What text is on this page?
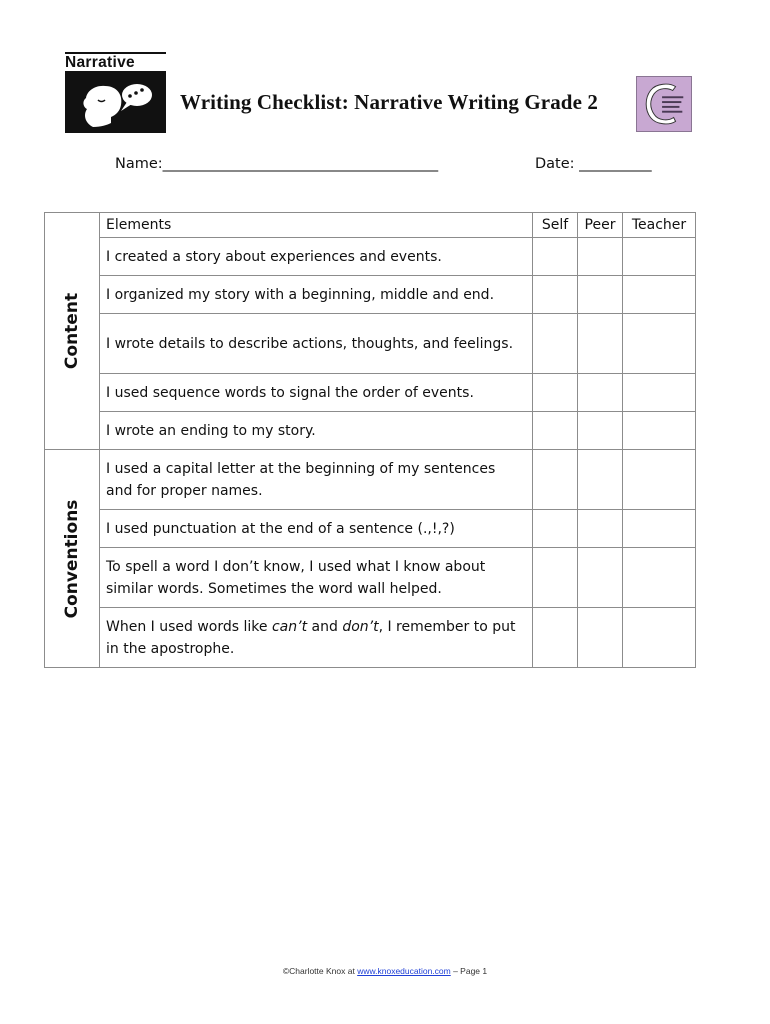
Narrative
Writing Checklist: Narrative Writing Grade 2
Name:______________________________________	Date: __________
Content	Elements	Self	Peer	Teacher
	I created a story about experiences and events.			
	I organized my story with a beginning, middle and end.			
	I wrote details to describe actions, thoughts, and feelings.			
	I used sequence words to signal the order of events.			
	I wrote an ending to my story.			

Conventions	I used a capital letter at the beginning of my sentences and for proper names.			
	I used punctuation at the end of a sentence (.,!,?)			
	To spell a word I don’t know, I used what I know about similar words. Sometimes the word wall helped.			
	When I used words like can’t and don’t, I remember to put in the apostrophe.			
©Charlotte Knox at www.knoxeducation.com – Page 1
